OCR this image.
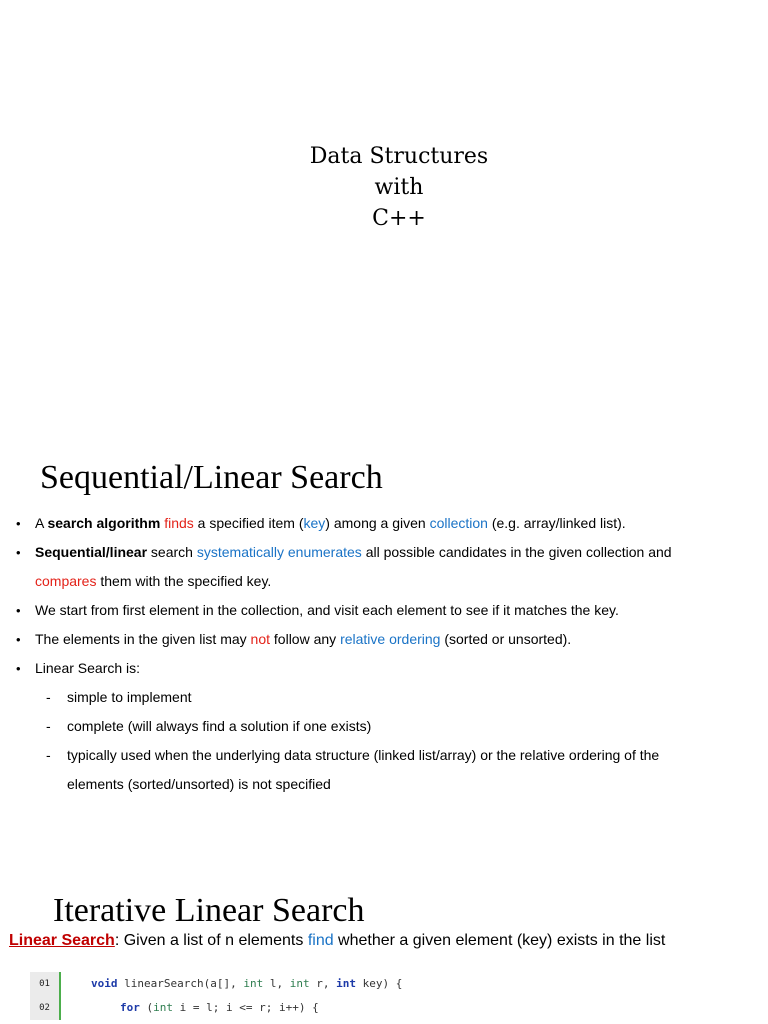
Data Structures
with
C++
Sequential/Linear Search
•	A search algorithm finds a specified item (key) among a given collection (e.g. array/linked list).
•	Sequential/linear search systematically enumerates all possible candidates in the given collection and
compares them with the specified key.
•	We start from first element in the collection, and visit each element to see if it matches the key.
•	The elements in the given list may not follow any relative ordering (sorted or unsorted).
•	Linear Search is:
-	simple to implement
-	complete (will always find a solution if one exists)
-	typically used when the underlying data structure (linked list/array) or the relative ordering of the
elements (sorted/unsorted) is not specified
Iterative Linear Search
Linear Search: Given a list of n elements find whether a given element (key) exists in the list
01	void linearSearch(a[], int l, int r, int key) {
02	for (int i = l; i <= r; i++) {
